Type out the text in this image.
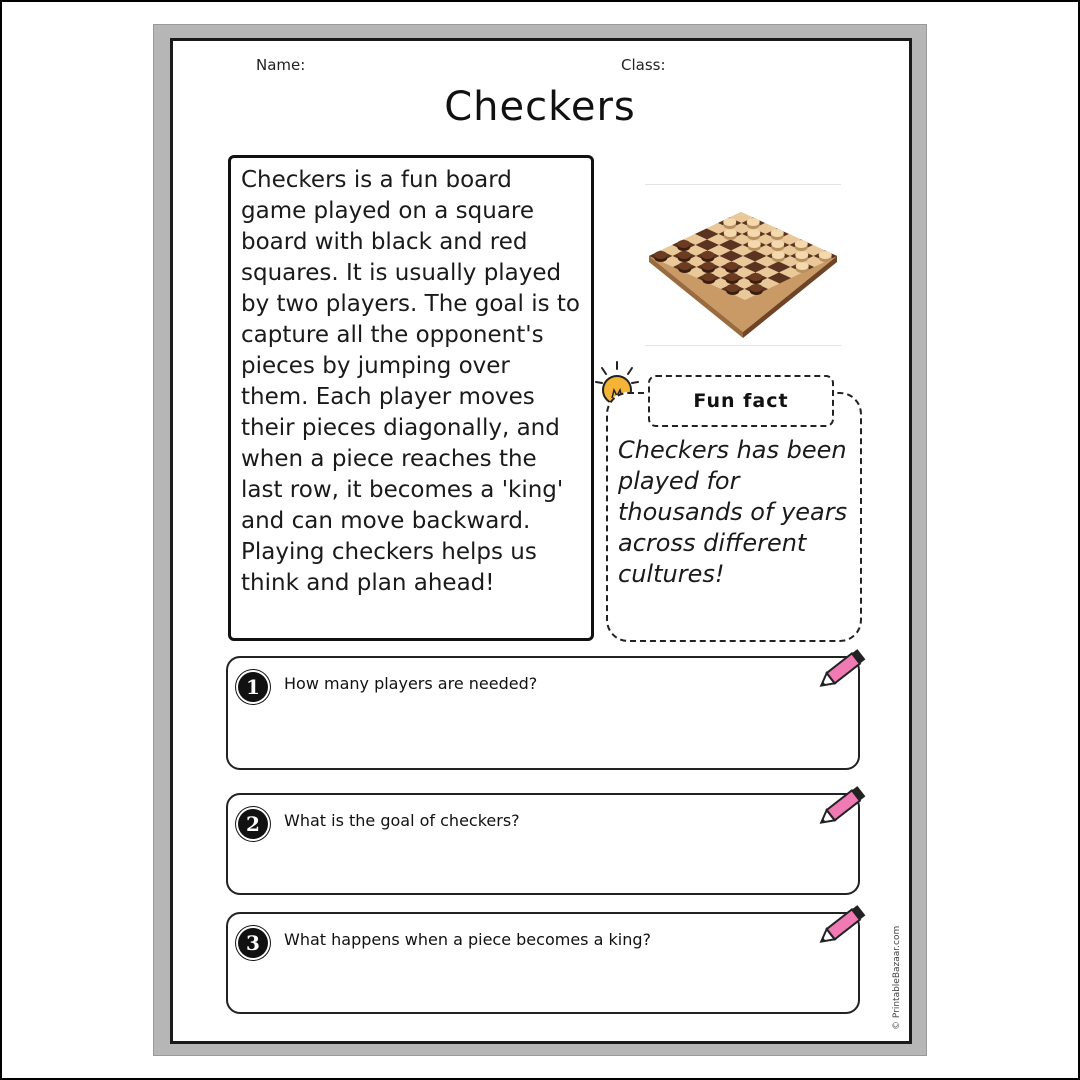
Name:	Class:
Checkers

Checkers is a fun board game played on a square board with black and red squares. It is usually played by two players. The goal is to capture all the opponent's pieces by jumping over them. Each player moves their pieces diagonally, and when a piece reaches the last row, it becomes a 'king' and can move backward. Playing checkers helps us think and plan ahead!

Fun fact
Checkers has been played for thousands of years across different cultures!
1	How many players are needed?
2	What is the goal of checkers?
3	What happens when a piece becomes a king?	© PrintableBazaar.com
